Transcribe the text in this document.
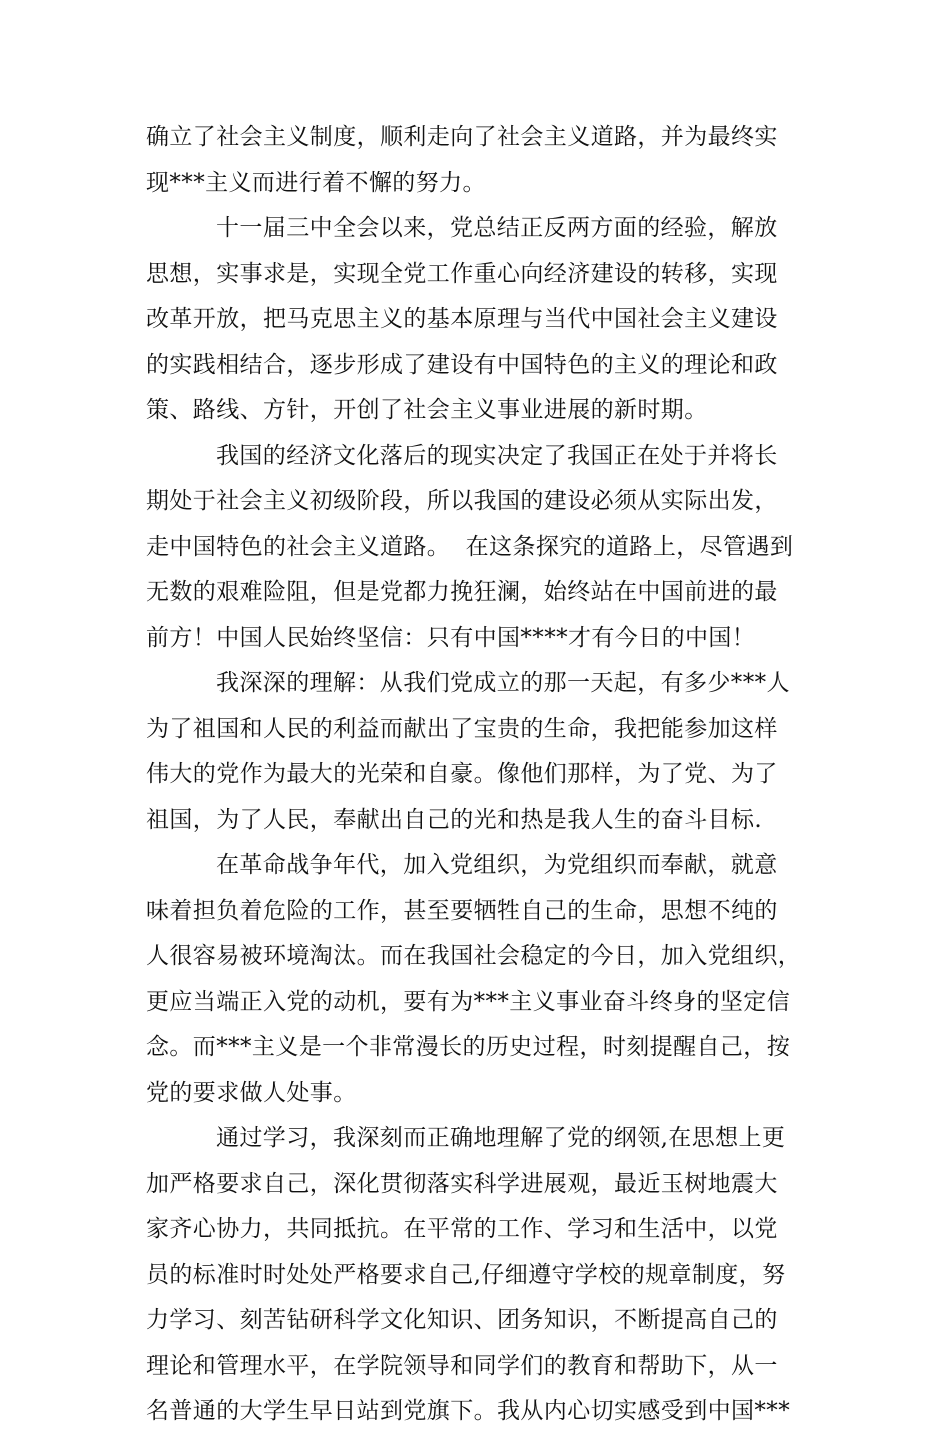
确立了社会主义制度，顺利走向了社会主义道路，并为最终实
现***主义而进行着不懈的努力。
十一届三中全会以来，党总结正反两方面的经验，解放
思想，实事求是，实现全党工作重心向经济建设的转移，实现
改革开放，把马克思主义的基本原理与当代中国社会主义建设
的实践相结合，逐步形成了建设有中国特色的主义的理论和政
策、路线、方针，开创了社会主义事业进展的新时期。
我国的经济文化落后的现实决定了我国正在处于并将长
期处于社会主义初级阶段，所以我国的建设必须从实际出发，
走中国特色的社会主义道路。  在这条探究的道路上，尽管遇到
无数的艰难险阻，但是党都力挽狂澜，始终站在中国前进的最
前方！中国人民始终坚信：只有中国****才有今日的中国！
我深深的理解：从我们党成立的那一天起，有多少***人
为了祖国和人民的利益而献出了宝贵的生命，我把能参加这样
伟大的党作为最大的光荣和自豪。像他们那样，为了党、为了
祖国，为了人民，奉献出自己的光和热是我人生的奋斗目标.
在革命战争年代，加入党组织，为党组织而奉献，就意
味着担负着危险的工作，甚至要牺牲自己的生命，思想不纯的
人很容易被环境淘汰。而在我国社会稳定的今日，加入党组织，
更应当端正入党的动机，要有为***主义事业奋斗终身的坚定信
念。而***主义是一个非常漫长的历史过程，时刻提醒自己，按
党的要求做人处事。
通过学习，我深刻而正确地理解了党的纲领,在思想上更
加严格要求自己，深化贯彻落实科学进展观，最近玉树地震大
家齐心协力，共同抵抗。在平常的工作、学习和生活中，以党
员的标准时时处处严格要求自己,仔细遵守学校的规章制度，努
力学习、刻苦钻研科学文化知识、团务知识，不断提高自己的
理论和管理水平，在学院领导和同学们的教育和帮助下，从一
名普通的大学生早日站到党旗下。我从内心切实感受到中国***
